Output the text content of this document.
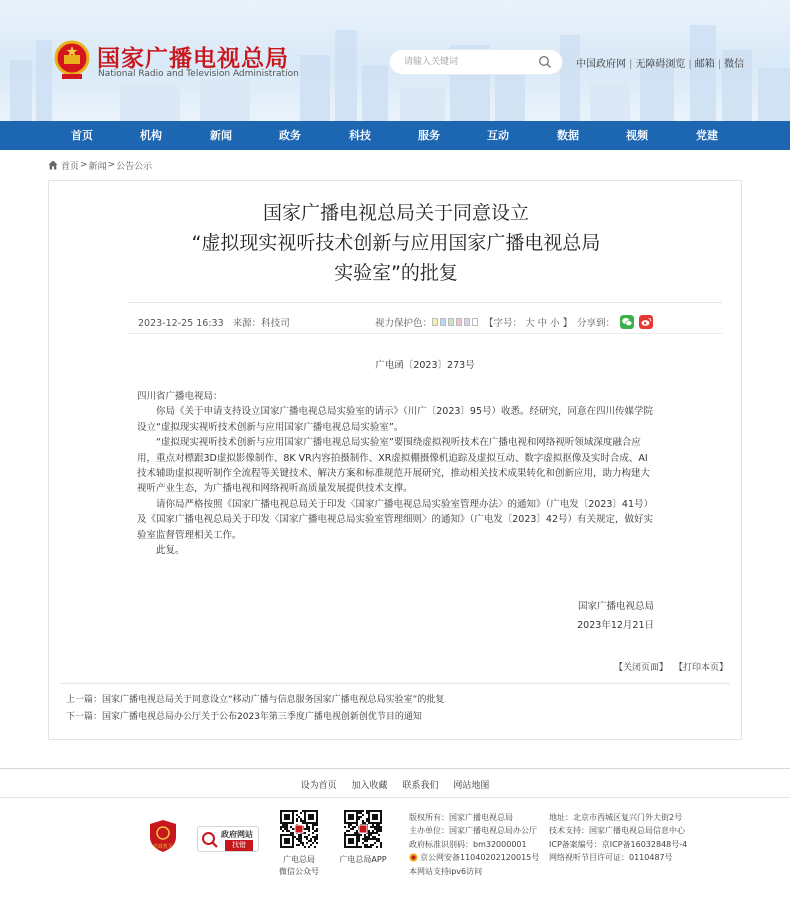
国家广播电视总局
National Radio and Television Administration
请输入关键词
中国政府网 | 无障碍浏览 | 邮箱 | 微信
首页	机构	新闻	政务	科技	服务	互动	数据	视频	党建
首页 > 新闻 > 公告公示
国家广播电视总局关于同意设立
“虚拟现实视听技术创新与应用国家广播电视总局
实验室”的批复
2023-12-25 16:33 来源：科技司	视力保护色：	【字号：
大
中
小
】 分享到：
广电函〔2023〕273号

四川省广播电视局：

你局《关于申请支持设立国家广播电视总局实验室的请示》（川广〔2023〕95号）收悉。经研究，同意在四川传媒学院设立“虚拟现实视听技术创新与应用国家广播电视总局实验室”。

“虚拟现实视听技术创新与应用国家广播电视总局实验室”要围绕虚拟视听技术在广播电视和网络视听领域深度融合应用，重点对標跟3D虚拟影像制作、8K VR内容拍摄制作、XR虚拟棚摄像机追踪及虚拟互动、数字虚拟抠像及实时合成、AI技术辅助虚拟视听制作全流程等关键技术、解决方案和标准规范开展研究，推动相关技术成果转化和创新应用，助力构建大视听产业生态，为广播电视和网络视听高质量发展提供技术支撑。

请你局严格按照《国家广播电视总局关于印发〈国家广播电视总局实验室管理办法〉的通知》（广电发〔2023〕41号）及《国家广播电视总局关于印发〈国家广播电视总局实验室管理细则〉的通知》（广电发〔2023〕42号）有关规定，做好实验室监督管理相关工作。

此复。

国家广播电视总局
2023年12月21日
【关闭页面】 【打印本页】
上一篇：国家广播电视总局关于同意设立“移动广播与信息服务国家广播电视总局实验室”的批复
下一篇：国家广播电视总局办公厅关于公布2023年第三季度广播电视创新创优节目的通知
设为首页 加入收藏 联系我们 网站地图
党政机关
政府网站
找错
广电总局
微信公众号
广电总局APP
版权所有：国家广播电视总局
主办单位：国家广播电视总局办公厅
政府标准识别码：bm32000001
京公网安备11040202120015号
本网站支持ipv6访问
地址：北京市西城区复兴门外大街2号
技术支持：国家广播电视总局信息中心
ICP备案编号：京ICP备16032848号-4
网络视听节目许可证：0110487号
